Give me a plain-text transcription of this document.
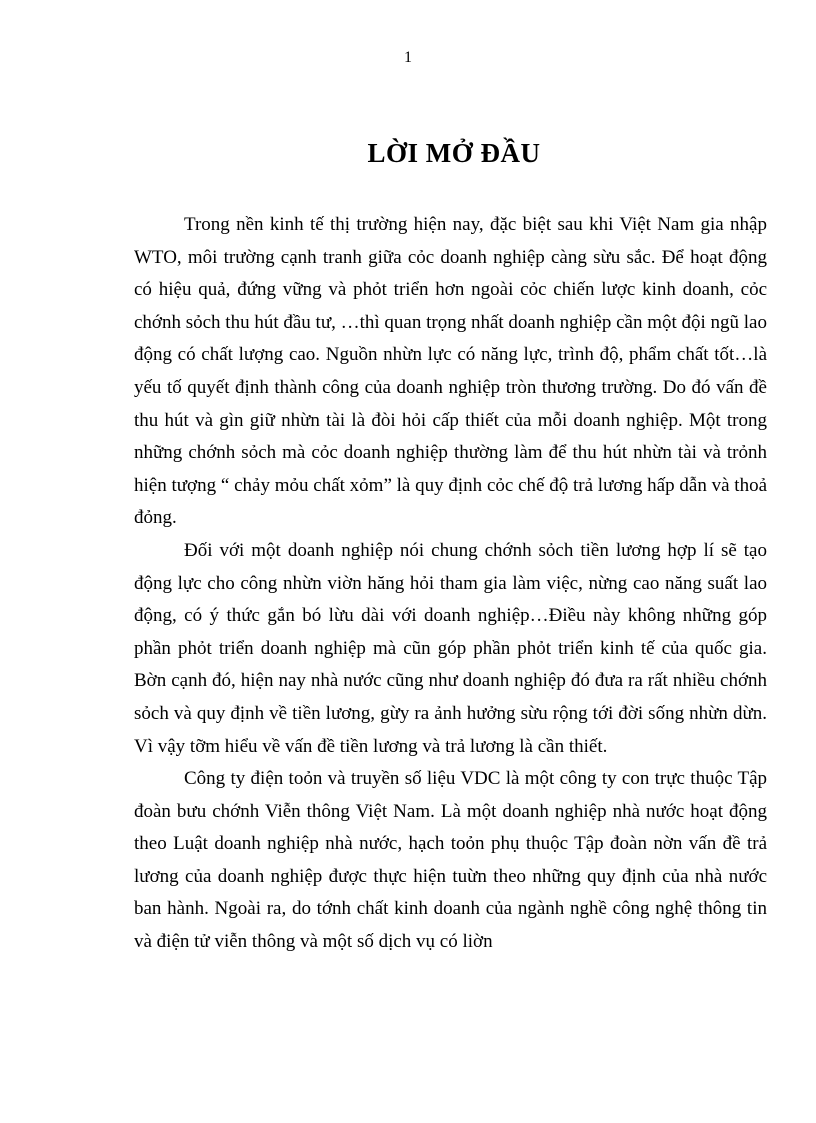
1
LỜI MỞ ĐẦU

Trong nền kinh tế thị trường hiện nay, đặc biệt sau khi Việt Nam gia nhập WTO, môi trường cạnh tranh giữa cỏc doanh nghiệp càng sừu sắc. Để hoạt động có hiệu quả, đứng vững và phỏt triển hơn ngoài cỏc chiến lược kinh doanh, cỏc chớnh sỏch thu hút đầu tư, …thì quan trọng nhất doanh nghiệp cần một đội ngũ lao động có chất lượng cao. Nguồn nhừn lực có năng lực, trình độ, phẩm chất tốt…là yếu tố quyết định thành công của doanh nghiệp tròn thương trường. Do đó vấn đề thu hút và gìn giữ nhừn tài là đòi hỏi cấp thiết của mỗi doanh nghiệp. Một trong những chớnh sỏch mà cỏc doanh nghiệp thường làm để thu hút nhừn tài và trỏnh hiện tượng “ chảy mỏu chất xỏm” là quy định cỏc chế độ trả lương hấp dẫn và thoả đỏng.

Đối với một doanh nghiệp nói chung chớnh sỏch tiền lương hợp lí sẽ tạo động lực cho công nhừn viờn hăng hỏi tham gia làm việc, nừng cao năng suất lao động, có ý thức gắn bó lừu dài với doanh nghiệp…Điều này không những góp phần phỏt triển doanh nghiệp mà cũn góp phần phỏt triển kinh tế của quốc gia. Bờn cạnh đó, hiện nay nhà nước cũng như doanh nghiệp đó đưa ra rất nhiều chớnh sỏch và quy định về tiền lương, gừy ra ảnh hưởng sừu rộng tới đời sống nhừn dừn. Vì vậy tỡm hiểu về vấn đề tiền lương và trả lương là cần thiết.

Công ty điện toỏn và truyền số liệu VDC là một công ty con trực thuộc Tập đoàn bưu chớnh Viễn thông Việt Nam. Là một doanh nghiệp nhà nước hoạt động theo Luật doanh nghiệp nhà nước, hạch toỏn phụ thuộc Tập đoàn nờn vấn đề trả lương của doanh nghiệp được thực hiện tuừn theo những quy định của nhà nước ban hành. Ngoài ra, do tớnh chất kinh doanh của ngành nghề công nghệ thông tin và điện tử viễn thông và một số dịch vụ có liờn
